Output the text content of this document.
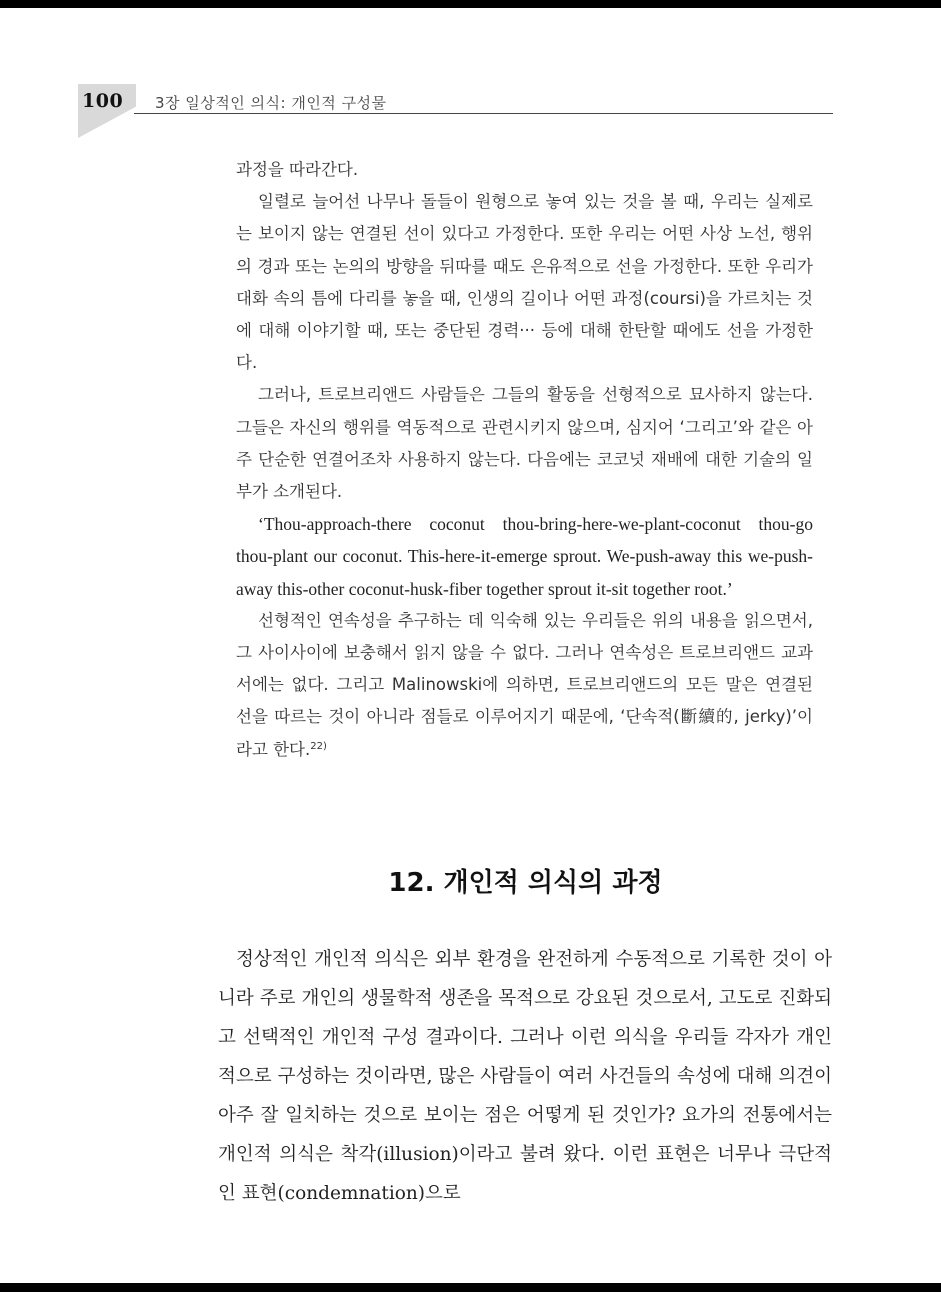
100 3장 일상적인 의식: 개인적 구성물

과정을 따라간다.

일렬로 늘어선 나무나 돌들이 원형으로 놓여 있는 것을 볼 때, 우리는 실제로는 보이지 않는 연결된 선이 있다고 가정한다. 또한 우리는 어떤 사상 노선, 행위의 경과 또는 논의의 방향을 뒤따를 때도 은유적으로 선을 가정한다. 또한 우리가 대화 속의 틈에 다리를 놓을 때, 인생의 길이나 어떤 과정(coursi)을 가르치는 것에 대해 이야기할 때, 또는 중단된 경력··· 등에 대해 한탄할 때에도 선을 가정한다.

그러나, 트로브리앤드 사람들은 그들의 활동을 선형적으로 묘사하지 않는다. 그들은 자신의 행위를 역동적으로 관련시키지 않으며, 심지어 ‘그리고’와 같은 아주 단순한 연결어조차 사용하지 않는다. 다음에는 코코넛 재배에 대한 기술의 일부가 소개된다.

‘Thou-approach-there coconut thou-bring-here-we-plant-coconut thou-go thou-plant our coconut. This-here-it-emerge sprout. We-push-away this we-push- away this-other coconut-husk-fiber together sprout it-sit together root.’

선형적인 연속성을 추구하는 데 익숙해 있는 우리들은 위의 내용을 읽으면서, 그 사이사이에 보충해서 읽지 않을 수 없다. 그러나 연속성은 트로브리앤드 교과서에는 없다. 그리고 Malinowski에 의하면, 트로브리앤드의 모든 말은 연결된 선을 따르는 것이 아니라 점들로 이루어지기 때문에, ‘단속적(斷續的, jerky)’이라고 한다.$^{22)}$

12. 개인적 의식의 과정

정상적인 개인적 의식은 외부 환경을 완전하게 수동적으로 기록한 것이 아니라 주로 개인의 생물학적 생존을 목적으로 강요된 것으로서, 고도로 진화되고 선택적인 개인적 구성 결과이다. 그러나 이런 의식을 우리들 각자가 개인적으로 구성하는 것이라면, 많은 사람들이 여러 사건들의 속성에 대해 의견이 아주 잘 일치하는 것으로 보이는 점은 어떻게 된 것인가? 요가의 전통에서는 개인적 의식은 착각(illusion)이라고 불려 왔다. 이런 표현은 너무나 극단적인 표현(condemnation)으로
